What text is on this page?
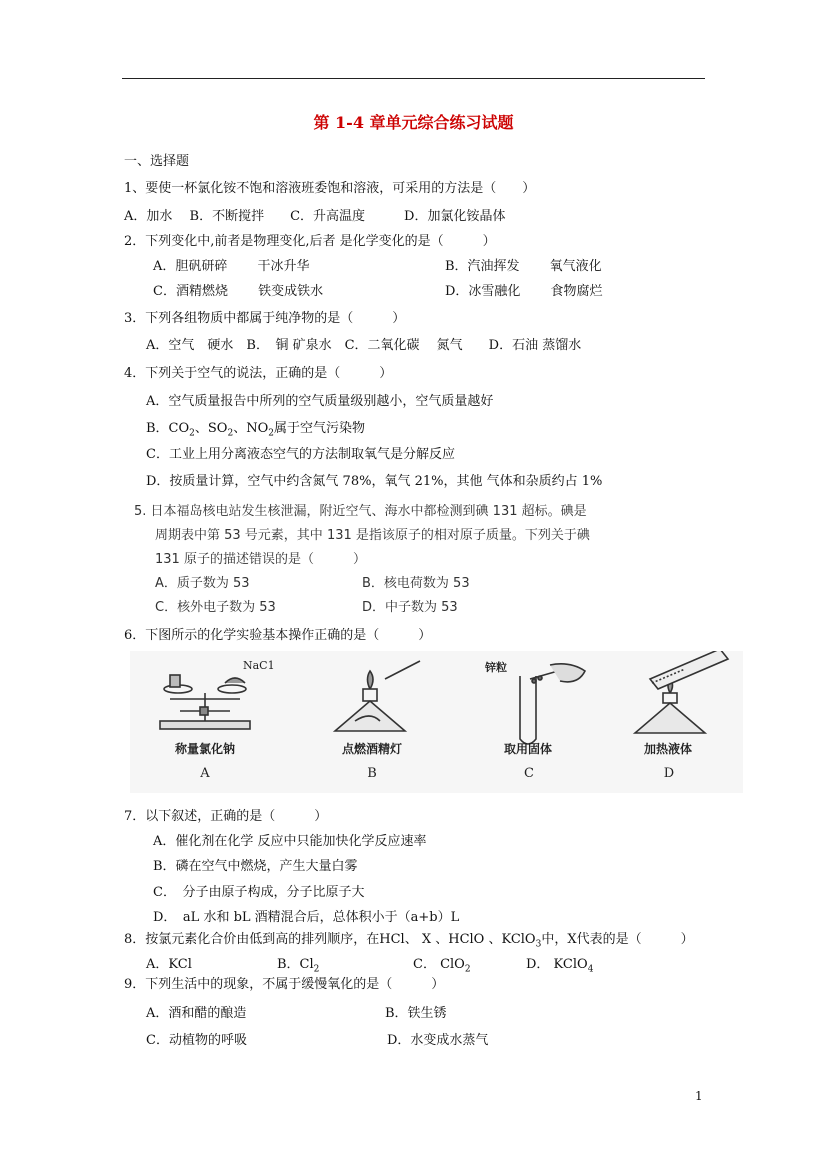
第 1-4 章单元综合练习试题
一、选择题
1、要使一杯氯化铵不饱和溶液班委饱和溶液，可采用的方法是（　　）
A．加水　 B．不断搅拌　　C．升高温度　　　D．加氯化铵晶体
2．下列变化中,前者是物理变化,后者 是化学变化的是（　　　）
A．胆矾研碎　　 干冰升华	B．汽油挥发　　 氧气液化
C．酒精燃烧　　 铁变成铁水	D．冰雪融化　　 食物腐烂
3．下列各组物质中都属于纯净物的是（　　　）
A．空气　硬水　B．　铜 矿泉水　C．二氧化碳　 氮气　　D．石油 蒸馏水
4．下列关于空气的说法，正确的是（　　　）
A．空气质量报告中所列的空气质量级别越小，空气质量越好
B．$CO_2$、$SO_2$、$NO_2$属于空气污染物
C．工业上用分离液态空气的方法制取氧气是分解反应
D．按质量计算，空气中约含氮气 78%，氧气 21%，其他 气体和杂质约占 1%
5. 日本福岛核电站发生核泄漏，附近空气、海水中都检测到碘 131 超标。碘是
周期表中第 53 号元素，其中 131 是指该原子的相对原子质量。下列关于碘
131 原子的描述错误的是（　　　）
A．质子数为 53	B．核电荷数为 53
C．核外电子数为 53	D．中子数为 53
6．下图所示的化学实验基本操作正确的是（　　　）
NaC1	锌粒
称量氯化钠	点燃酒精灯	取用固体	加热液体
A	B	C	D
7．以下叙述，正确的是（　　　）
A．催化剂在化学 反应中只能加快化学反应速率
B．磷在空气中燃烧，产生大量白雾
C．　分子由原子构成，分子比原子大
D．　aL 水和 bL 酒精混合后，总体积小于（a+b）L
8．按氯元素化合价由低到高的排列顺序，在HCl、 X 、HClO 、KClO$_3$中，X代表的是（　　　）
A．KCl	B．$Cl_2$	C． ClO$_2$	D． KClO$_4$
9．下列生活中的现象，不属于缓慢氧化的是（　　　）
A．酒和醋的酿造	B．铁生锈
C．动植物的呼吸	D．水变成水蒸气
1
